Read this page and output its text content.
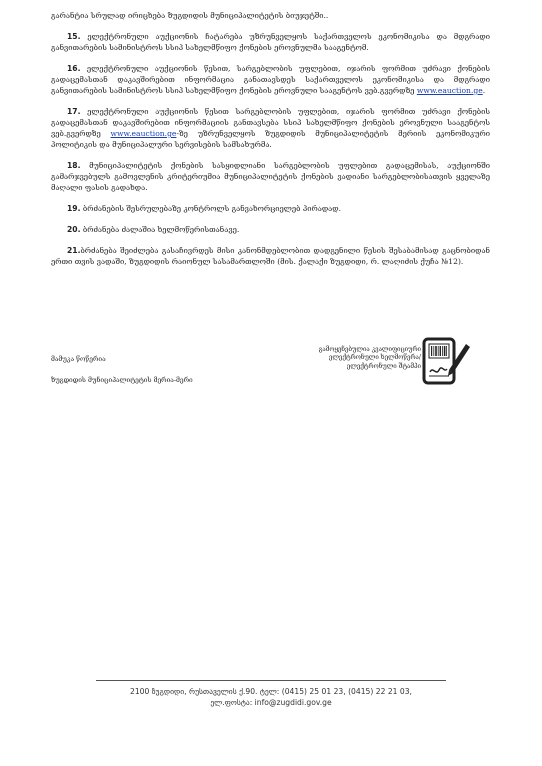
გარანტია სრულად ირიცხება ზუგდიდის მუნიციპალიტეტის ბიუჯეტში..

15. ელექტრონული აუქციონის ჩატარება უზრუნველყოს საქართველოს ეკონომიკისა და მდგრადი განვითარების სამინისტროს სსიპ სახელმწიფო ქონების ეროვნულმა სააგენტომ.

16. ელექტრონული აუქციონის წესით, სარგებლობის უფლებით, იჯარის ფორმით უძრავი ქონების გადაცემასთან დაკავშირებით ინფორმაცია განათავსდეს საქართველოს ეკონომიკისა და მდგრადი განვითარების სამინისტროს სსიპ სახელმწიფო ქონების ეროვნული სააგენტოს ვებ.გვერდზე www.eauction.ge.

17. ელექტრონული აუქციონის წესით სარგებლობის უფლებით, იჯარის ფორმით უძრავი ქონების გადაცემასთან დაკავშირებით ინფორმაციის განთავსება სსიპ სახელმწიფო ქონების ეროვნული სააგენტოს ვებ.გვერდზე www.eauction.ge-ზე უზრუნველყოს ზუგდიდის მუნიციპალიტეტის მერიის ეკონომიკური პოლიტიკის და მუნიციპალური სერვისების სამსახურმა.

18. მუნიციპალიტეტის ქონების სასყიდლიანი სარგებლობის უფლებით გადაცემისას, აუქციონში გამარჯვებულს გამოვლენის კრიტერიუმია მუნიციპალიტეტის ქონების ვადიანი სარგებლობისათვის ყველაზე მაღალი ფასის გადახდა.

19. ბრძანების შესრულებაზე კონტროლს განვახორციელებ პირადად.

20. ბრძანება ძალაშია ხელმოწერისთანავე.

21.ბრძანება შეიძლება გასაჩივრდეს მისი კანონმდებლობით დადგენილი წესის შესაბამისად გაცნობიდან ერთი თვის ვადაში, ზუგდიდის რაიონულ სასამართლოში (მის. ქალაქი ზუგდიდი, რ. ლაღიძის ქუჩა №12).

მამუკა წოწერია
ზუგდიდის მუნიციპალიტეტის მერია-მერი
გამოყენებულია კვალიფიციური
ელექტრონული ხელმოწერა/
ელექტრონული შტამპი
2100 ზუგდიდი, რუსთაველის ქ.90. ტელ: (0415) 25 01 23, (0415) 22 21 03,
ელ.ფოსტა: info@zugdidi.gov.ge
